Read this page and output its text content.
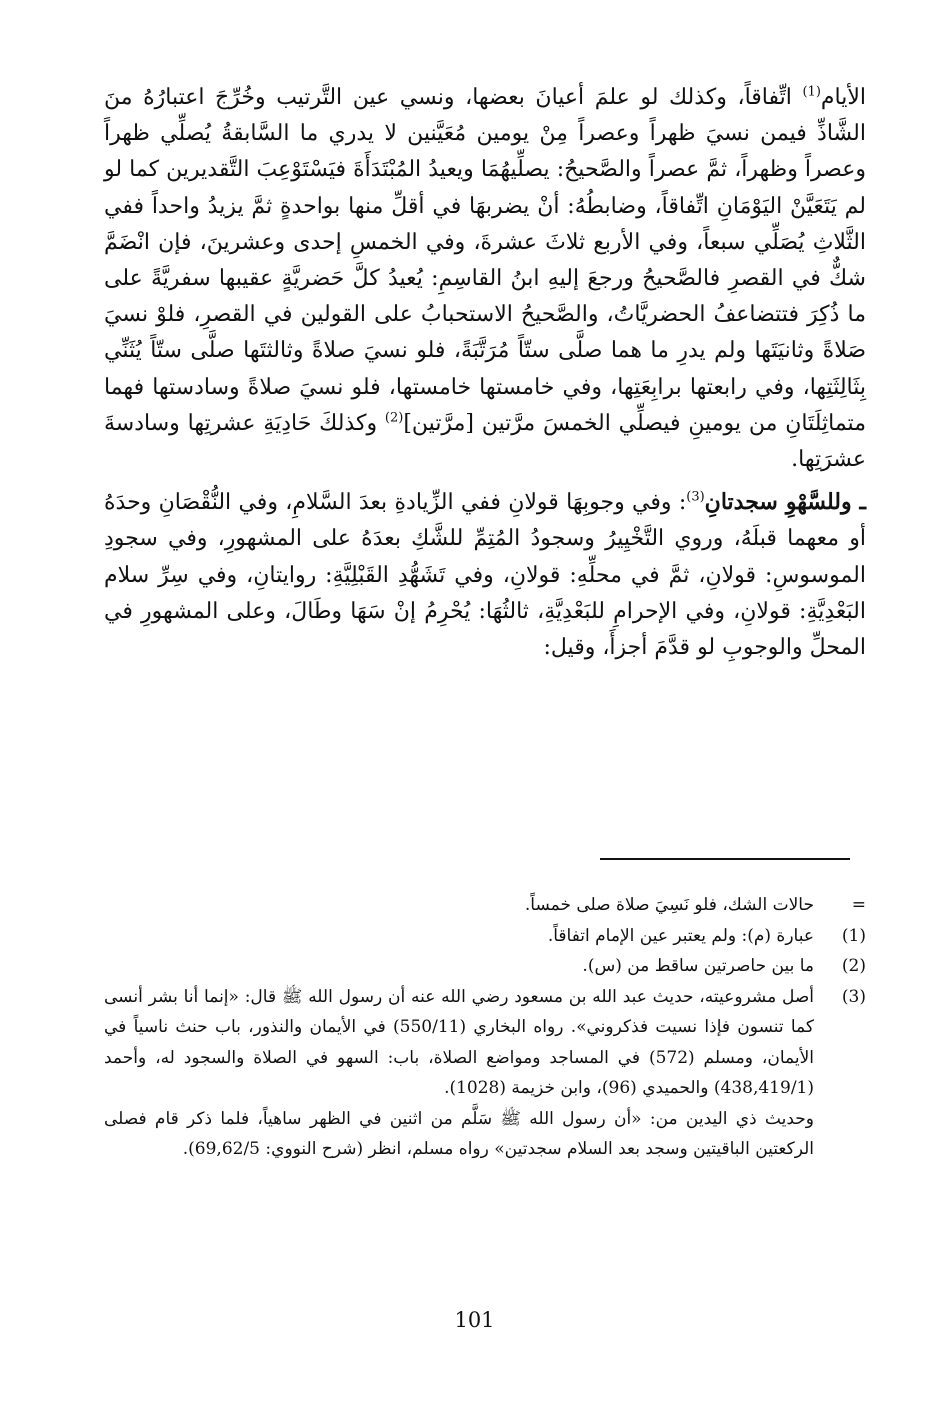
الأيام$^{(1)}$ اتِّفاقاً، وكذلك لو علمَ أعيانَ بعضها، ونسي عين التَّرتيب وخُرِّجَ اعتبارُهُ منَ الشَّاذِّ فيمن نسيَ ظهراً وعصراً مِنْ يومين مُعَيَّنين لا يدري ما السَّابقةُ يُصلِّي ظهراً وعصراً وظهراً، ثمَّ عصراً والصَّحيحُ: يصلِّيهُمَا ويعيدُ المُبْتَدَأَةَ فيَسْتَوْعِبَ التَّقديرين كما لو لم يَتَعَيَّنْ اليَوْمَانِ اتِّفاقاً، وضابطُهُ: أنْ يضربهَا في أقلِّ منها بواحدةٍ ثمَّ يزيدُ واحداً ففي الثَّلاثِ يُصَلِّي سبعاً، وفي الأربع ثلاثَ عشرةَ، وفي الخمسِ إحدى وعشرينَ، فإن انْضَمَّ شكٌّ في القصرِ فالصَّحيحُ ورجعَ إليهِ ابنُ القاسِمِ: يُعيدُ كلَّ حَضريَّةٍ عقيبها سفريَّةً على ما ذُكِرَ فتتضاعفُ الحضريَّاتُ، والصَّحيحُ الاستحبابُ على القولين في القصرِ، فلوْ نسيَ صَلاةً وثانيَتَها ولم يدرِ ما هما صلَّى ستّاً مُرَتَّبَةً، فلو نسيَ صلاةً وثالثتَها صلَّى ستّاً يُثَنِّي بِثَالِثَتِها، وفي رابعتها برابِعَتِها، وفي خامستها خامستها، فلو نسيَ صلاةً وسادستها فهما متماثِلَتَانِ من يومينِ فيصلِّي الخمسَ مرَّتين [مرَّتين]$^{(2)}$ وكذلكَ حَادِيَةِ عشرتِها وسادسةَ عشرَتِها.

ـ وللسَّهْوِ سجدتانِ$^{(3)}$: وفي وجوبِهَا قولانِ ففي الزِّيادةِ بعدَ السَّلامِ، وفي النُّقْصَانِ وحدَهُ أو معهما قبلَهُ، وروي التَّخْيِيرُ وسجودُ المُتِمِّ للشَّكِ بعدَهُ على المشهورِ، وفي سجودِ الموسوسِ: قولانِ، ثمَّ في محلِّهِ: قولانِ، وفي تَشَهُّدِ القَبْلِيَّةِ: روايتانِ، وفي سِرِّ سلام البَعْدِيَّةِ: قولانِ، وفي الإحرامِ للبَعْدِيَّةِ، ثالثُهَا: يُحْرِمُ إنْ سَهَا وطَالَ، وعلى المشهورِ في المحلِّ والوجوبِ لو قدَّمَ أجزأَ، وقيل:

=
حالات الشك، فلو نَسِيَ صلاة صلى خمساً.
(1)
عبارة (م): ولم يعتبر عين الإمام اتفاقاً.
(2)
ما بين حاصرتين ساقط من (س).
(3)
أصل مشروعيته، حديث عبد الله بن مسعود رضي الله عنه أن رسول الله ﷺ قال: «إنما أنا بشر أنسى كما تنسون فإذا نسيت فذكروني». رواه البخاري (550/11) في الأيمان والنذور، باب حنث ناسياً في الأيمان، ومسلم (572) في المساجد ومواضع الصلاة، باب: السهو في الصلاة والسجود له، وأحمد (438,419/1) والحميدي (96)، وابن خزيمة (1028).
وحديث ذي اليدين من: «أن رسول الله ﷺ سَلَّم من اثنين في الظهر ساهياً، فلما ذكر قام فصلى الركعتين الباقيتين وسجد بعد السلام سجدتين» رواه مسلم، انظر (شرح النووي: 69,62/5).
101
